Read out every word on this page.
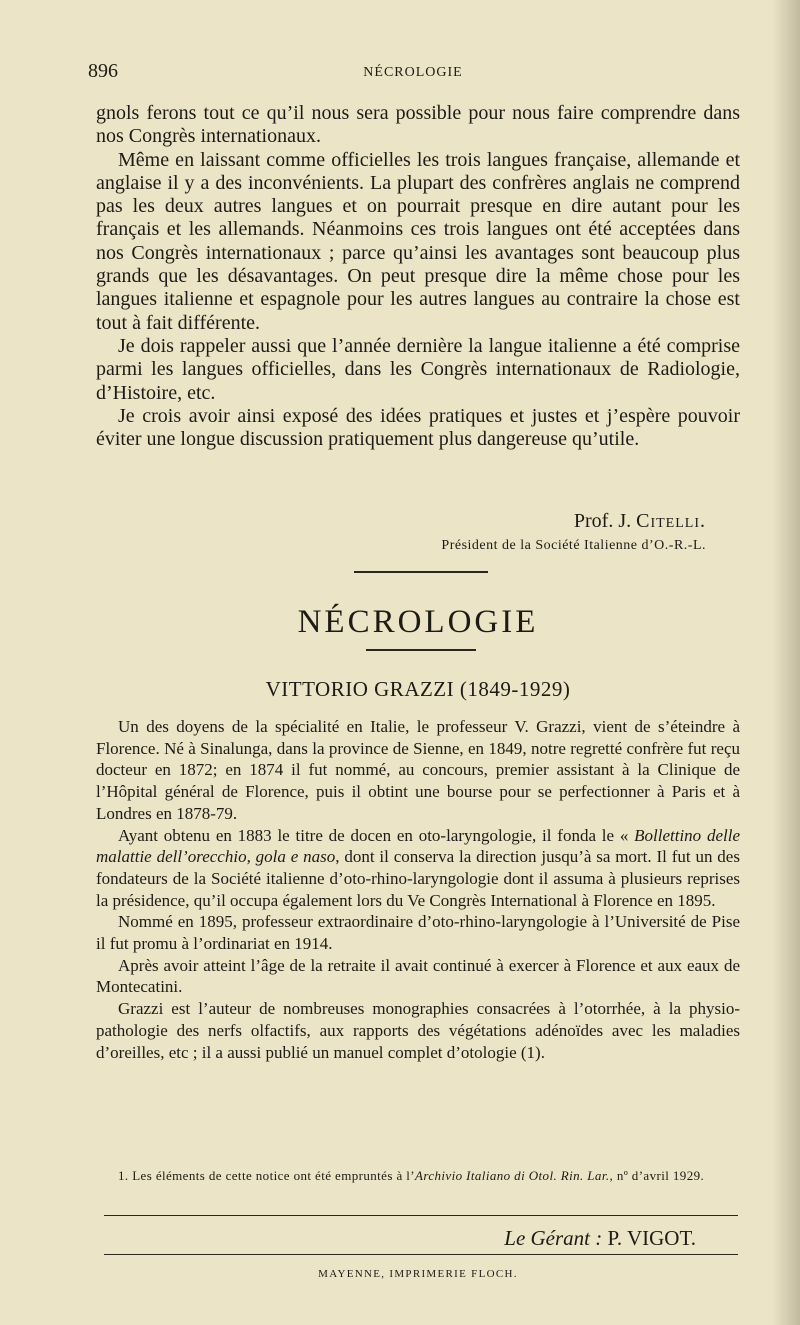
896	NÉCROLOGIE

gnols ferons tout ce qu’il nous sera possible pour nous faire comprendre dans nos Congrès internationaux.

Même en laissant comme officielles les trois langues française, allemande et anglaise il y a des inconvénients. La plupart des confrères anglais ne comprend pas les deux autres langues et on pourrait presque en dire autant pour les français et les allemands. Néanmoins ces trois langues ont été acceptées dans nos Congrès internationaux ; parce qu’ainsi les avantages sont beaucoup plus grands que les désavantages. On peut presque dire la même chose pour les langues italienne et espagnole pour les autres langues au contraire la chose est tout à fait différente.

Je dois rappeler aussi que l’année dernière la langue italienne a été comprise parmi les langues officielles, dans les Congrès internationaux de Radiologie, d’Histoire, etc.

Je crois avoir ainsi exposé des idées pratiques et justes et j’espère pouvoir éviter une longue discussion pratiquement plus dangereuse qu’utile.

Prof. J. Citelli.
Président de la Société Italienne d’O.-R.-L.
NÉCROLOGIE
VITTORIO GRAZZI (1849-1929)

Un des doyens de la spécialité en Italie, le professeur V. Grazzi, vient de s’éteindre à Florence. Né à Sinalunga, dans la province de Sienne, en 1849, notre regretté confrère fut reçu docteur en 1872; en 1874 il fut nommé, au concours, premier assistant à la Clinique de l’Hôpital général de Florence, puis il obtint une bourse pour se perfectionner à Paris et à Londres en 1878-79.

Ayant obtenu en 1883 le titre de docen en oto-laryngologie, il fonda le « Bollettino delle malattie dell’orecchio, gola e naso, dont il conserva la direction jusqu’à sa mort. Il fut un des fondateurs de la Société italienne d’oto-rhino-laryngologie dont il assuma à plusieurs reprises la présidence, qu’il occupa également lors du Ve Congrès International à Florence en 1895.

Nommé en 1895, professeur extraordinaire d’oto-rhino-laryngologie à l’Université de Pise il fut promu à l’ordinariat en 1914.

Après avoir atteint l’âge de la retraite il avait continué à exercer à Florence et aux eaux de Montecatini.

Grazzi est l’auteur de nombreuses monographies consacrées à l’otorrhée, à la physio-pathologie des nerfs olfactifs, aux rapports des végétations adénoïdes avec les maladies d’oreilles, etc ; il a aussi publié un manuel complet d’otologie (1).

1. Les éléments de cette notice ont été empruntés à l’Archivio Italiano di Otol. Rin. Lar., nº d’avril 1929.

Le Gérant : P. VIGOT.
MAYENNE, IMPRIMERIE FLOCH.
